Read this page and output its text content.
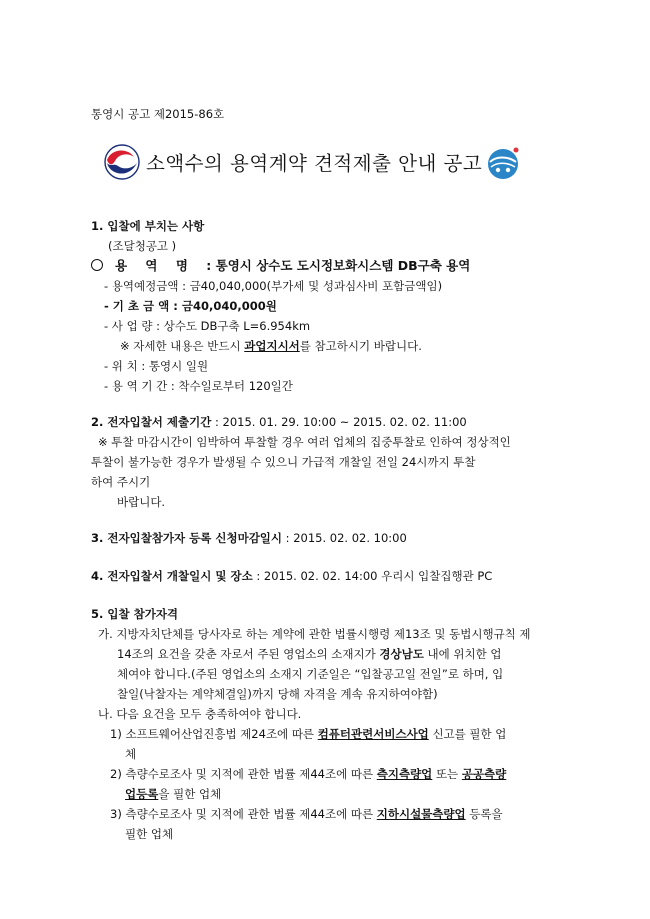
통영시 공고 제2015-86호
소액수의 용역계약 견적제출 안내 공고
1. 입찰에 부치는 사항
(조달청공고 )
용 역 명 : 통영시 상수도 도시정보화시스템 DB구축 용역
- 용역예정금액 : 금40,040,000(부가세 및 성과심사비 포함금액임)
- 기 초 금 액 : 금40,040,000원
- 사 업 량 : 상수도 DB구축 L=6.954km
※ 자세한 내용은 반드시 과업지시서를 참고하시기 바랍니다.
- 위 치 : 통영시 일원
- 용 역 기 간 : 착수일로부터 120일간
2. 전자입찰서 제출기간 : 2015. 01. 29. 10:00 ~ 2015. 02. 02. 11:00
※ 투찰 마감시간이 임박하여 투찰할 경우 여러 업체의 집중투찰로 인하여 정상적인
투찰이 불가능한 경우가 발생될 수 있으니 가급적 개찰일 전일 24시까지 투찰
하여 주시기
바랍니다.
3. 전자입찰참가자 등록 신청마감일시 : 2015. 02. 02. 10:00
4. 전자입찰서 개찰일시 및 장소 : 2015. 02. 02. 14:00 우리시 입찰집행관 PC
5. 입찰 참가자격
가. 지방자치단체를 당사자로 하는 계약에 관한 법률시행령 제13조 및 동법시행규칙 제
14조의 요건을 갖춘 자로서 주된 영업소의 소재지가 경상남도 내에 위치한 업
체여야 합니다.(주된 영업소의 소재지 기준일은 “입찰공고일 전일”로 하며, 입
찰일(낙찰자는 계약체결일)까지 당해 자격을 계속 유지하여야함)
나. 다음 요건을 모두 충족하여야 합니다.
1) 소프트웨어산업진흥법 제24조에 따른 컴퓨터관련서비스사업 신고를 필한 업
체
2) 측량수로조사 및 지적에 관한 법률 제44조에 따른 측지측량업 또는 공공측량
업등록을 필한 업체
3) 측량수로조사 및 지적에 관한 법률 제44조에 따른 지하시설물측량업 등록을
필한 업체
